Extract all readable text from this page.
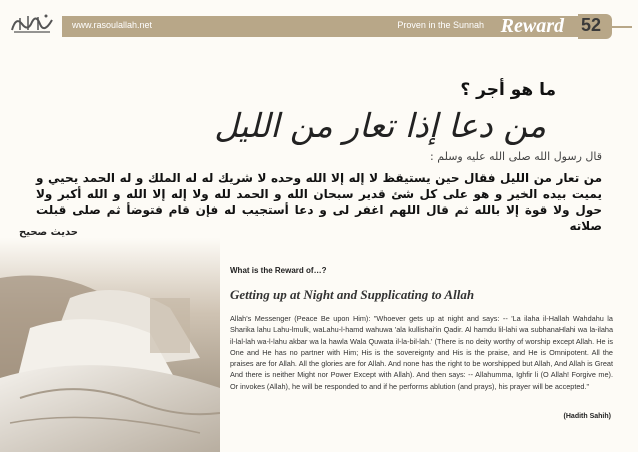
www.rasoulallah.net	Proven in the Sunnah Reward 52
ما هو أجر ؟
من دعا إذا تعار من الليل
قال رسول الله صلى الله عليه وسلم :
من تعار من الليل فقال حين يستيقظ لا إله إلا الله وحده لا شريك له له الملك و له الحمد يحيي و يميت بيده الخير و هو على كل شئ قدير سبحان الله و الحمد لله ولا إله إلا الله و الله أكبر ولا حول ولا قوة إلا بالله ثم قال اللهم اغفر لى و دعا أستجيب له فإن قام فتوضأ ثم صلى قبلت صلاته
حديث صحيح
What is the Reward of…?
Getting up at Night and Supplicating to Allah
Allah's Messenger (Peace Be upon Him): "Whoever gets up at night and says: -- 'La ilaha il-Hallah Wahdahu la Sharika lahu Lahu-lmulk, waLahu-l-hamd wahuwa 'ala kullishai'in Qadir. Al hamdu lil-lahi wa subhanaHlahi wa la-ilaha il-lal-lah wa-l-lahu akbar wa la hawla Wala Quwata il-la-bil-lah.' (There is no deity worthy of worship except Allah. He is One and He has no partner with Him; His is the sovereignty and His is the praise, and He is Omnipotent. All the praises are for Allah. All the glories are for Allah. And none has the right to be worshipped but Allah, And Allah is Great And there is neither Might nor Power Except with Allah). And then says: -- Allahumma, Ighfir li (O Allah! Forgive me). Or invokes (Allah), he will be responded to and if he performs ablution (and prays), his prayer will be accepted."
(Hadith Sahih)
